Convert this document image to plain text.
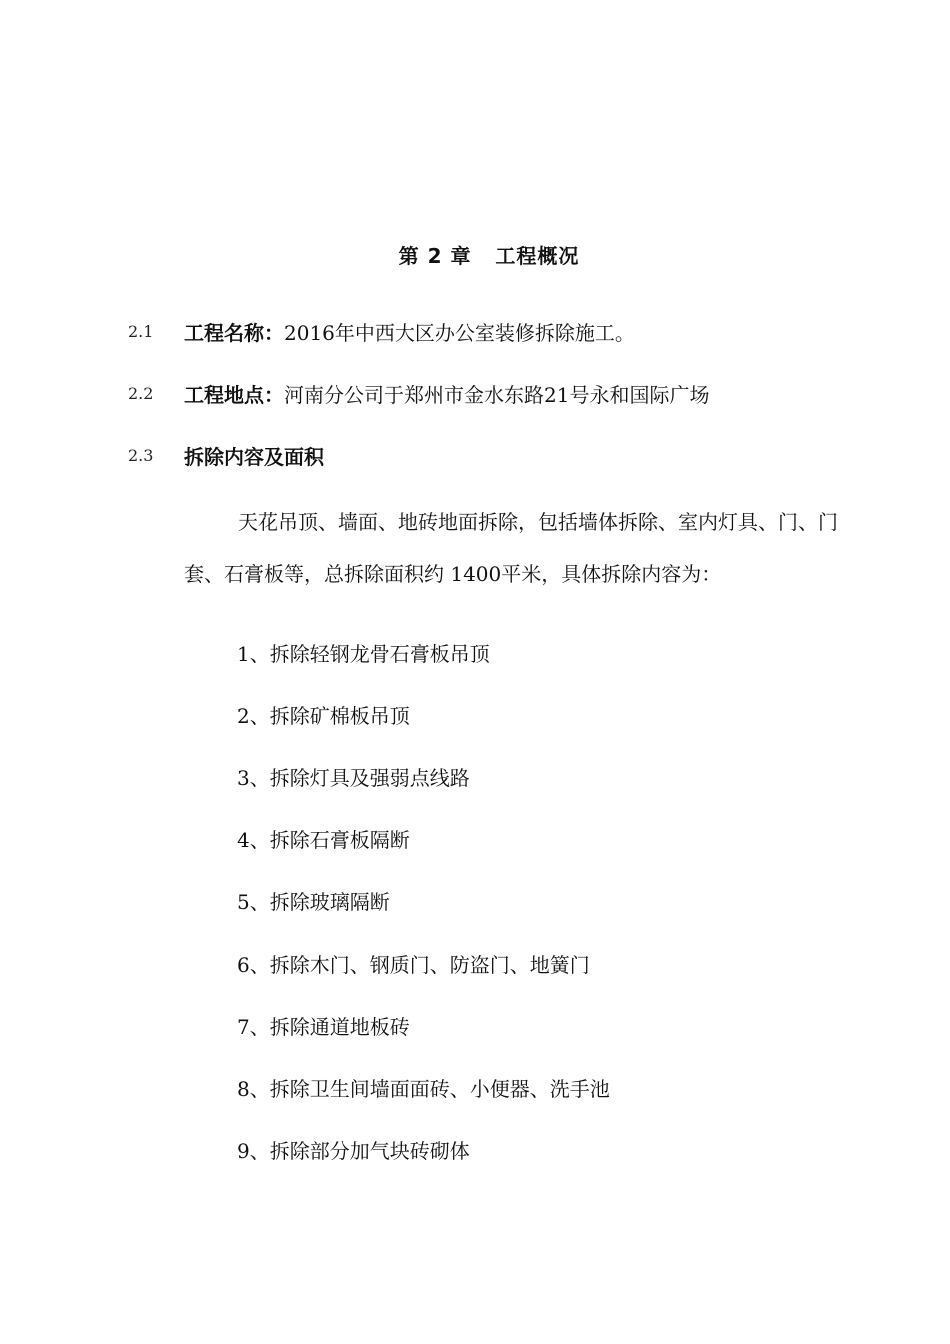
第 2 章   工程概况
2.1	工程名称： 2016年中西大区办公室装修拆除施工。
2.2	工程地点： 河南分公司于郑州市金水东路21号永和国际广场
2.3	拆除内容及面积
天花吊顶、墙面、地砖地面拆除，包括墙体拆除、室内灯具、门、门套、石膏板等，总拆除面积约 1400平米，具体拆除内容为：
1、拆除轻钢龙骨石膏板吊顶
2、拆除矿棉板吊顶
3、拆除灯具及强弱点线路
4、拆除石膏板隔断
5、拆除玻璃隔断
6、拆除木门、钢质门、防盗门、地簧门
7、拆除通道地板砖
8、拆除卫生间墙面面砖、小便器、洗手池
9、拆除部分加气块砖砌体
